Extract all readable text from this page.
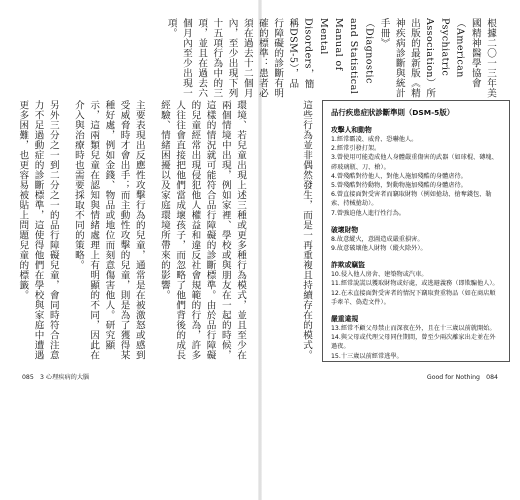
環境、若兒童出現上述三種或更多種行為模式，並且至少在兩個情境中出現，例如家裡、學校或與朋友在一起的時候，這樣的情況就可能符合品行障礙的診斷標準。由於品行障礙的兒童經常出現侵犯他人權益和違反社會規範的行為，許多人往往會直接把他們當成壞孩子，而忽略了他們背後的成長經驗、情緒困擾以及家庭環境所帶來的影響。

主要表現出反應性攻擊行為的兒童，通常是在被激怒或感到受威脅時才會出手；而主動性攻擊的兒童，則是為了獲得某種好處，例如金錢、物品或地位而刻意傷害他人。研究顯示，這兩類兒童在認知與情緒處理上有明顯的不同，因此在介入與治療時也需要採取不同的策略。

另外三分之一到二分之一的品行障礙兒童，會同時符合注意力不足過動症的診斷標準，這使得他們在學校與家庭中遭遇更多困難，也更容易被貼上問題兒童的標籤。

085　3 心理疾病的大腦

根據二〇一三年美國精神醫學協會（American Psychiatric Association）所出版的最新版《精神疾病診斷與統計手冊》（Diagnostic and Statistical Manual of Mental Disorders，簡稱DSM-5），品行障礙的診斷有明確的標準：患者必須在過去十二個月內，至少出現下列十五項行為中的三項，並且在過去六個月內至少出現一項。

品行疾患症狀診斷準則（DSM-5版）
攻擊人和動物
1.經常霸凌、威脅、恐嚇他人。
2.經常引發打架。
3.曾使用可能造成他人身體嚴重傷害的武器（如球棍、磚塊、碎玻璃瓶、刀、槍）。
4.曾殘酷對待他人，對他人施加殘酷的身體虐待。
5.曾殘酷對待動物，對動物施加殘酷的身體虐待。
6.曾直接面對受害者而竊取財物（例如搶劫、搶奪錢包、勒索、持械搶劫）。
7.曾強迫他人進行性行為。
破壞財物
8.故意縱火，意圖造成嚴重損害。
9.故意破壞他人財物（縱火除外）。
詐欺或竊盜
10.侵入他人房舍、建築物或汽車。
11.經常說謊以獲取財物或好處，或逃避義務（即欺騙他人）。
12.在未直接面對受害者的情況下竊取貴重物品（如在商店順手牽羊、偽造文件）。
嚴重違規
13.經常不顧父母禁止而深夜在外，且在十三歲以前就開始。
14.與父母或代理父母同住期間，曾至少兩次離家出走並在外過夜。
15.十三歲以前經常逃學。

這些行為並非偶然發生，而是一再重複且持續存在的模式。

Good for Nothing　084
